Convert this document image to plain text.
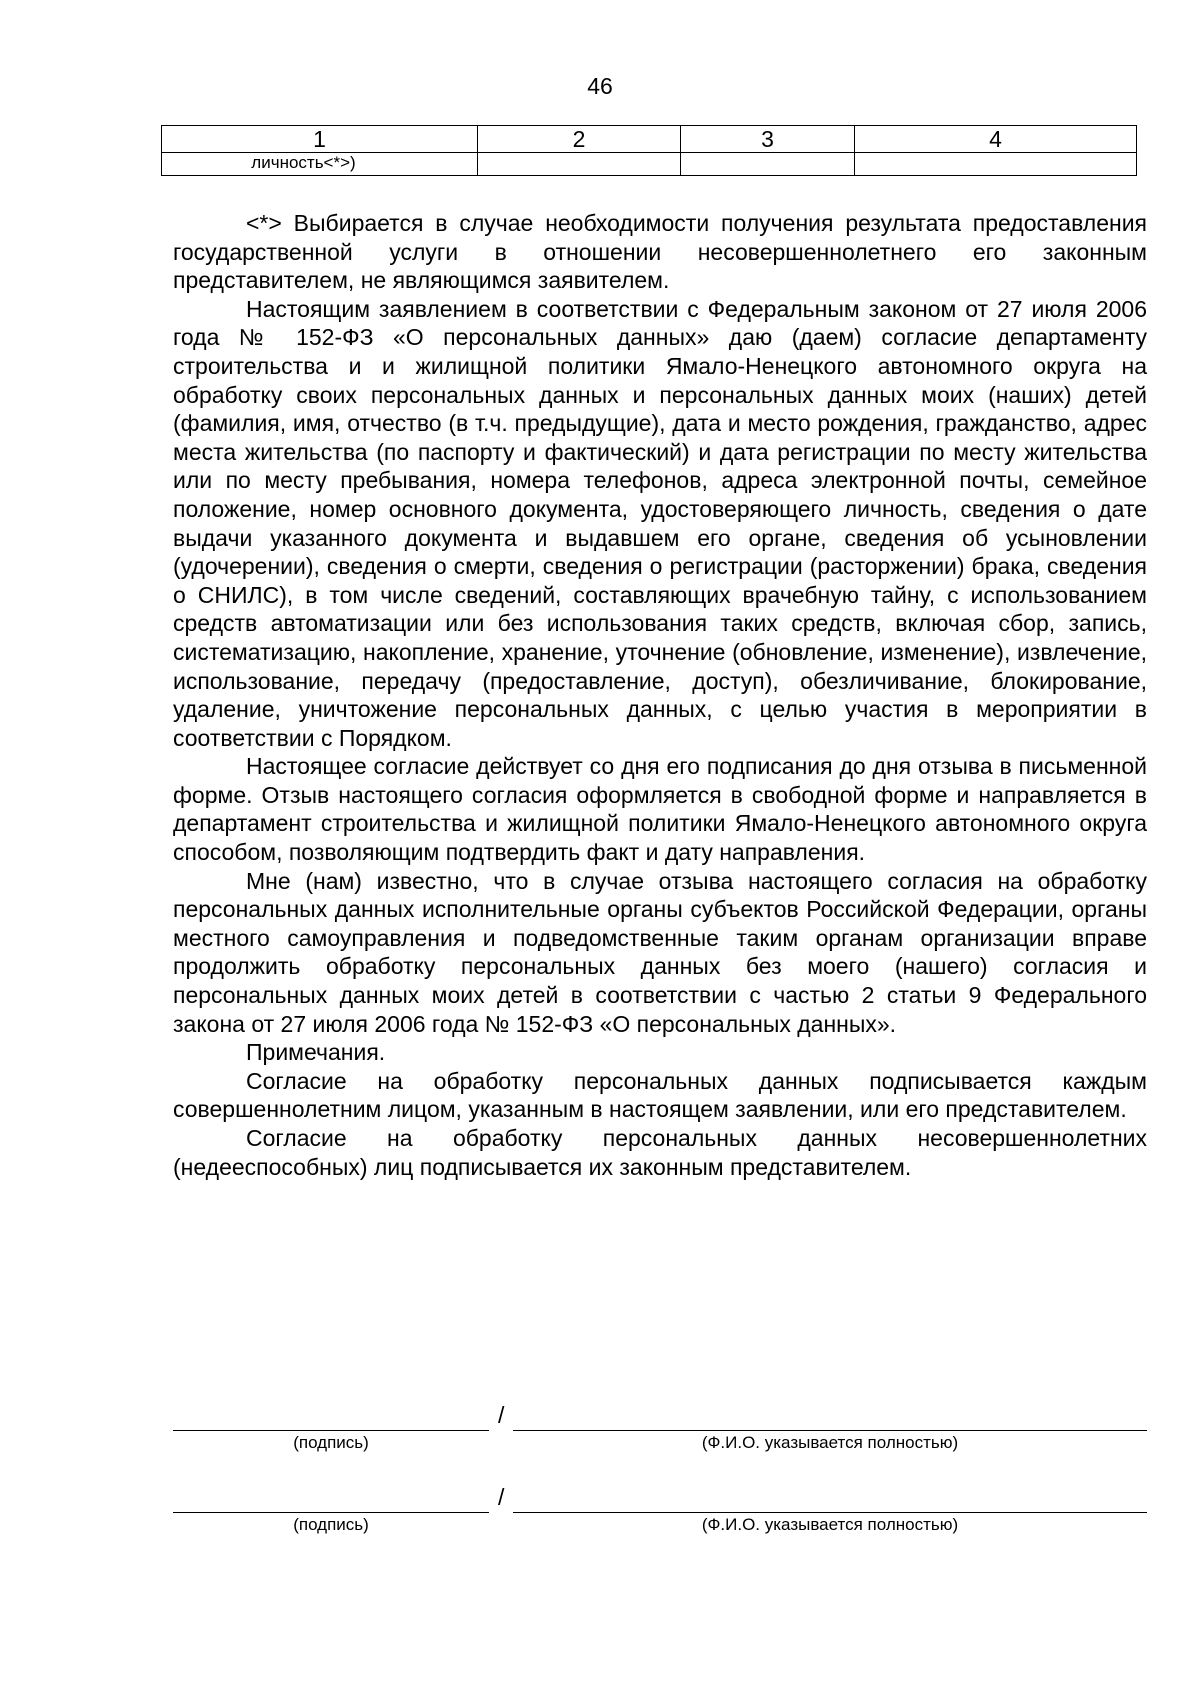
46
1	2	3	4
личность<*>)			

<*> Выбирается в случае необходимости получения результата предоставления государственной услуги в отношении несовершеннолетнего его законным представителем, не являющимся заявителем.

Настоящим заявлением в соответствии с Федеральным законом от 27 июля 2006 года № 152-ФЗ «О персональных данных» даю (даем) согласие департаменту строительства и и жилищной политики Ямало-Ненецкого автономного округа на обработку своих персональных данных и персональных данных моих (наших) детей (фамилия, имя, отчество (в т.ч. предыдущие), дата и место рождения, гражданство, адрес места жительства (по паспорту и фактический) и дата регистрации по месту жительства или по месту пребывания, номера телефонов, адреса электронной почты, семейное положение, номер основного документа, удостоверяющего личность, сведения о дате выдачи указанного документа и выдавшем его органе, сведения об усыновлении (удочерении), сведения о смерти, сведения о регистрации (расторжении) брака, сведения о СНИЛС), в том числе сведений, составляющих врачебную тайну, с использованием средств автоматизации или без использования таких средств, включая сбор, запись, систематизацию, накопление, хранение, уточнение (обновление, изменение), извлечение, использование, передачу (предоставление, доступ), обезличивание, блокирование, удаление, уничтожение персональных данных, с целью участия в мероприятии в соответствии с Порядком.

Настоящее согласие действует со дня его подписания до дня отзыва в письменной форме. Отзыв настоящего согласия оформляется в свободной форме и направляется в департамент строительства и жилищной политики Ямало-Ненецкого автономного округа способом, позволяющим подтвердить факт и дату направления.

Мне (нам) известно, что в случае отзыва настоящего согласия на обработку персональных данных исполнительные органы субъектов Российской Федерации, органы местного самоуправления и подведомственные таким органам организации вправе продолжить обработку персональных данных без моего (нашего) согласия и персональных данных моих детей в соответствии с частью 2 статьи 9 Федерального закона от 27 июля 2006 года № 152-ФЗ «О персональных данных».

Примечания.

Согласие на обработку персональных данных подписывается каждым совершеннолетним лицом, указанным в настоящем заявлении, или его представителем.

Согласие на обработку персональных данных несовершеннолетних (недееспособных) лиц подписывается их законным представителем.

/
(подпись)	(Ф.И.О. указывается полностью)
/
(подпись)	(Ф.И.О. указывается полностью)
